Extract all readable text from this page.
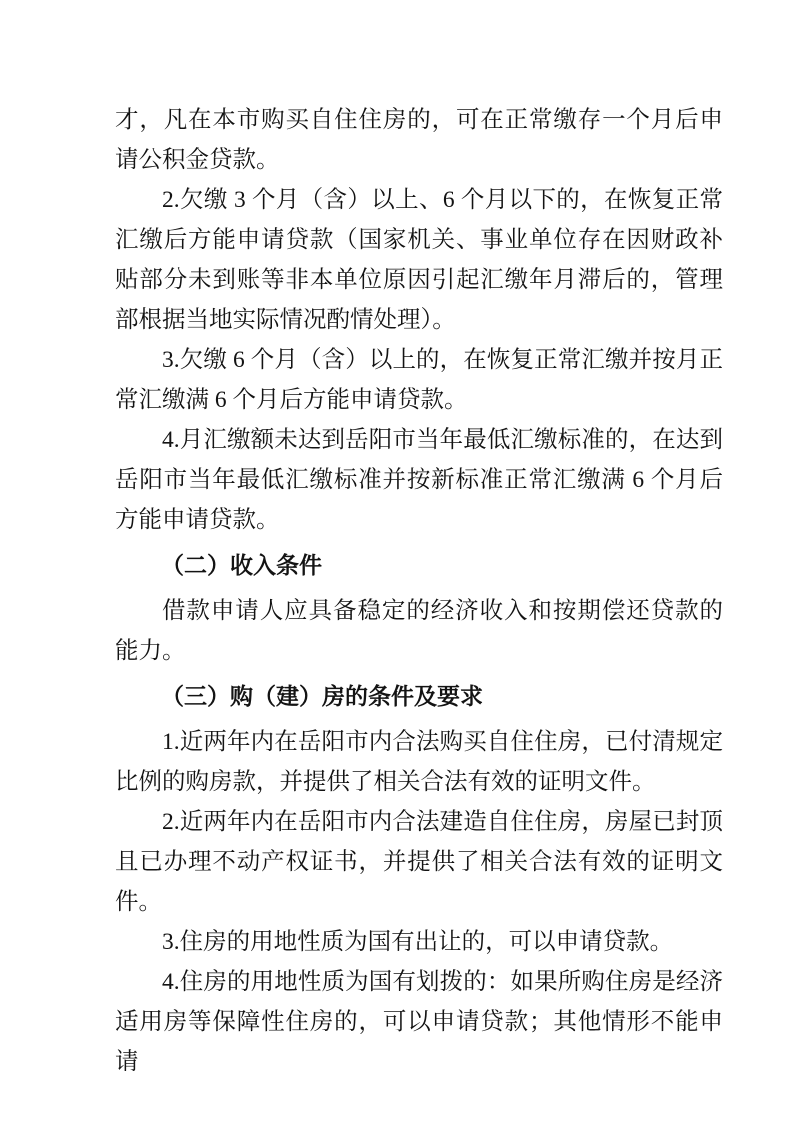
才，凡在本市购买自住住房的，可在正常缴存一个月后申请公积金贷款。

2.欠缴 3 个月（含）以上、6 个月以下的，在恢复正常汇缴后方能申请贷款（国家机关、事业单位存在因财政补贴部分未到账等非本单位原因引起汇缴年月滞后的，管理部根据当地实际情况酌情处理）。

3.欠缴 6 个月（含）以上的，在恢复正常汇缴并按月正常汇缴满 6 个月后方能申请贷款。

4.月汇缴额未达到岳阳市当年最低汇缴标准的，在达到岳阳市当年最低汇缴标准并按新标准正常汇缴满 6 个月后方能申请贷款。

（二）收入条件

借款申请人应具备稳定的经济收入和按期偿还贷款的能力。

（三）购（建）房的条件及要求

1.近两年内在岳阳市内合法购买自住住房，已付清规定比例的购房款，并提供了相关合法有效的证明文件。

2.近两年内在岳阳市内合法建造自住住房，房屋已封顶且已办理不动产权证书，并提供了相关合法有效的证明文件。

3.住房的用地性质为国有出让的，可以申请贷款。

4.住房的用地性质为国有划拨的：如果所购住房是经济适用房等保障性住房的，可以申请贷款；其他情形不能申请
